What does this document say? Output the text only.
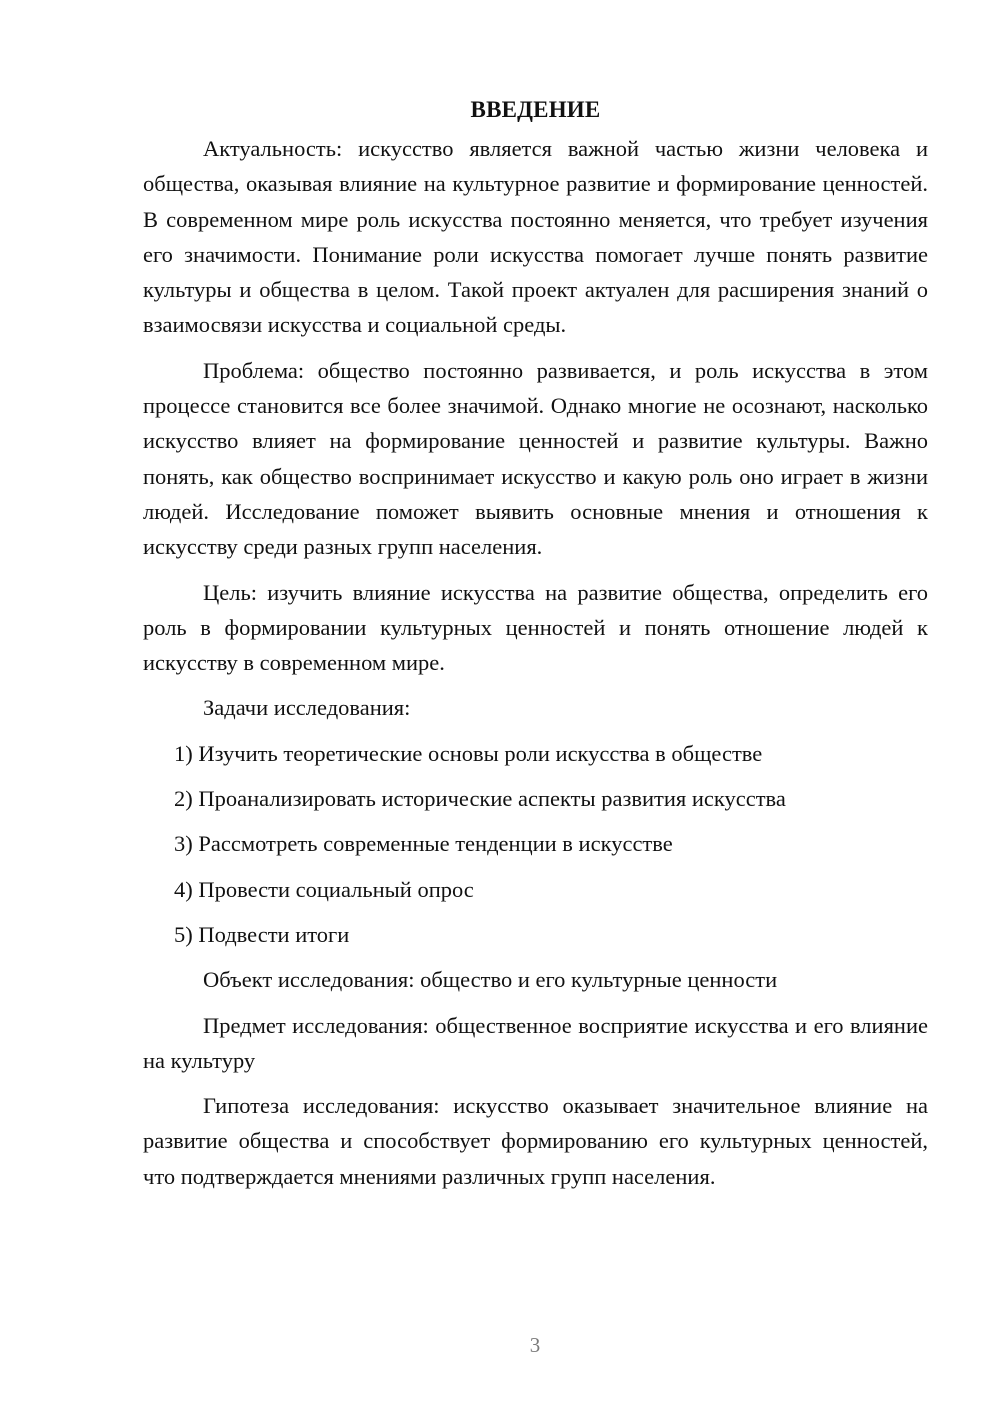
ВВЕДЕНИЕ

Актуальность: искусство является важной частью жизни человека и общества, оказывая влияние на культурное развитие и формирование ценностей. В современном мире роль искусства постоянно меняется, что требует изучения его значимости. Понимание роли искусства помогает лучше понять развитие культуры и общества в целом. Такой проект актуален для расширения знаний о взаимосвязи искусства и социальной среды.

Проблема: общество постоянно развивается, и роль искусства в этом процессе становится все более значимой. Однако многие не осознают, насколько искусство влияет на формирование ценностей и развитие культуры. Важно понять, как общество воспринимает искусство и какую роль оно играет в жизни людей. Исследование поможет выявить основные мнения и отношения к искусству среди разных групп населения.

Цель: изучить влияние искусства на развитие общества, определить его роль в формировании культурных ценностей и понять отношение людей к искусству в современном мире.

Задачи исследования:

1) Изучить теоретические основы роли искусства в обществе
2) Проанализировать исторические аспекты развития искусства
3) Рассмотреть современные тенденции в искусстве
4) Провести социальный опрос
5) Подвести итоги

Объект исследования: общество и его культурные ценности

Предмет исследования: общественное восприятие искусства и его влияние на культуру

Гипотеза исследования: искусство оказывает значительное влияние на развитие общества и способствует формированию его культурных ценностей, что подтверждается мнениями различных групп населения.

3
